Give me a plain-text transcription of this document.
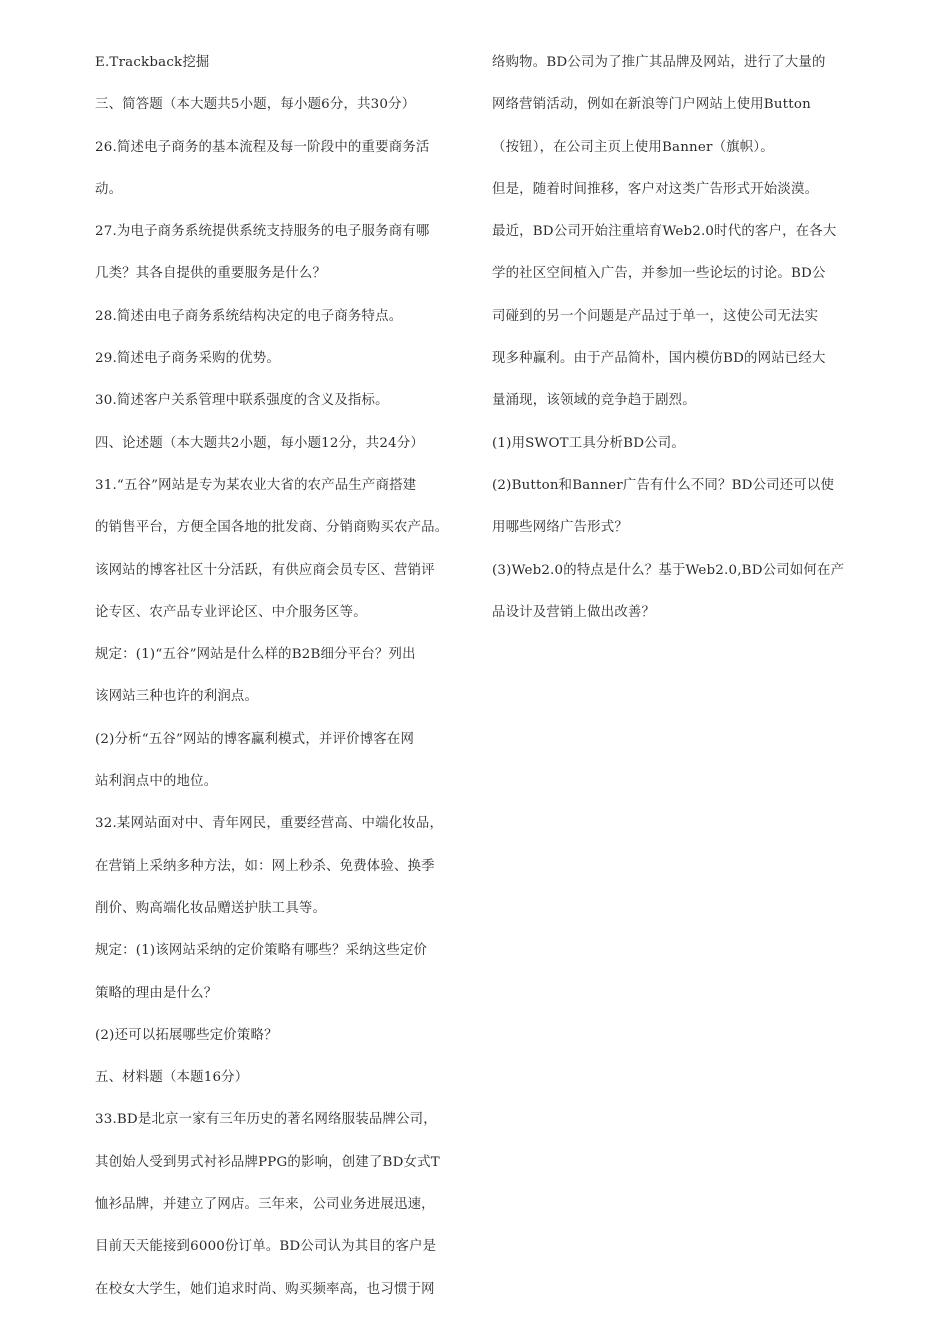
E.Trackback挖掘
三、简答题（本大题共5小题，每小题6分，共30分）
26.简述电子商务的基本流程及每一阶段中的重要商务活
动。
27.为电子商务系统提供系统支持服务的电子服务商有哪
几类？其各自提供的重要服务是什么？
28.简述由电子商务系统结构决定的电子商务特点。
29.简述电子商务采购的优势。
30.简述客户关系管理中联系强度的含义及指标。
四、论述题（本大题共2小题，每小题12分，共24分）
31.“五谷”网站是专为某农业大省的农产品生产商搭建
的销售平台，方便全国各地的批发商、分销商购买农产品。
该网站的博客社区十分活跃，有供应商会员专区、营销评
论专区、农产品专业评论区、中介服务区等。
规定：(1)“五谷”网站是什么样的B2B细分平台？列出
该网站三种也许的利润点。
(2)分析“五谷”网站的博客赢利模式，并评价博客在网
站利润点中的地位。
32.某网站面对中、青年网民，重要经营高、中端化妆品，
在营销上采纳多种方法，如：网上秒杀、免费体验、换季
削价、购高端化妆品赠送护肤工具等。
规定：(1)该网站采纳的定价策略有哪些？采纳这些定价
策略的理由是什么？
(2)还可以拓展哪些定价策略？
五、材料题（本题16分）
33.BD是北京一家有三年历史的著名网络服装品牌公司，
其创始人受到男式衬衫品牌PPG的影响，创建了BD女式T
恤衫品牌，并建立了网店。三年来，公司业务进展迅速，
目前天天能接到6000份订单。BD公司认为其目的客户是
在校女大学生，她们追求时尚、购买频率高，也习惯于网
络购物。BD公司为了推广其品牌及网站，进行了大量的
网络营销活动，例如在新浪等门户网站上使用Button
（按钮），在公司主页上使用Banner（旗帜）。
但是，随着时间推移，客户对这类广告形式开始淡漠。
最近，BD公司开始注重培育Web2.0时代的客户，在各大
学的社区空间植入广告，并参加一些论坛的讨论。BD公
司碰到的另一个问题是产品过于单一，这使公司无法实
现多种赢利。由于产品简朴，国内模仿BD的网站已经大
量涌现，该领域的竞争趋于剧烈。
(1)用SWOT工具分析BD公司。
(2)Button和Banner广告有什么不同？BD公司还可以使
用哪些网络广告形式？
(3)Web2.0的特点是什么？基于Web2.0,BD公司如何在产
品设计及营销上做出改善？
